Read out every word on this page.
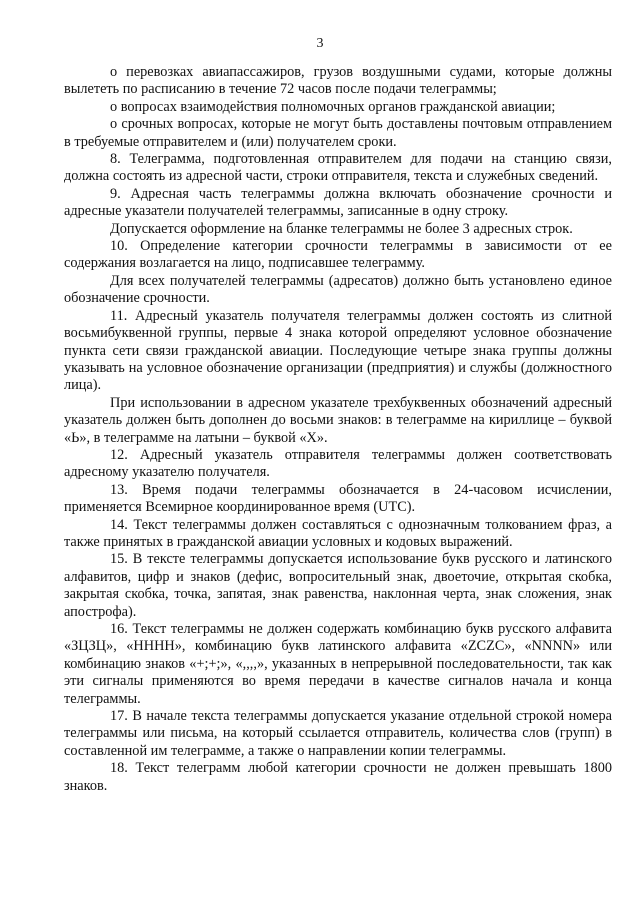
3

о перевозках авиапассажиров, грузов воздушными судами, которые должны вылететь по расписанию в течение 72 часов после подачи телеграммы;

о вопросах взаимодействия полномочных органов гражданской авиации;

о срочных вопросах, которые не могут быть доставлены почтовым отправлением в требуемые отправителем и (или) получателем сроки.

8. Телеграмма, подготовленная отправителем для подачи на станцию связи, должна состоять из адресной части, строки отправителя, текста и служебных сведений.

9. Адресная часть телеграммы должна включать обозначение срочности и адресные указатели получателей телеграммы, записанные в одну строку.

Допускается оформление на бланке телеграммы не более 3 адресных строк.

10. Определение категории срочности телеграммы в зависимости от ее содержания возлагается на лицо, подписавшее телеграмму.

Для всех получателей телеграммы (адресатов) должно быть установлено единое обозначение срочности.

11. Адресный указатель получателя телеграммы должен состоять из слитной восьмибуквенной группы, первые 4 знака которой определяют условное обозначение пункта сети связи гражданской авиации. Последующие четыре знака группы должны указывать на условное обозначение организации (предприятия) и службы (должностного лица).

При использовании в адресном указателе трехбуквенных обозначений адресный указатель должен быть дополнен до восьми знаков: в телеграмме на кириллице – буквой «Ь», в телеграмме на латыни – буквой «X».

12. Адресный указатель отправителя телеграммы должен соответствовать адресному указателю получателя.

13. Время подачи телеграммы обозначается в 24-часовом исчислении, применяется Всемирное координированное время (UTC).

14. Текст телеграммы должен составляться с однозначным толкованием фраз, а также принятых в гражданской авиации условных и кодовых выражений.

15. В тексте телеграммы допускается использование букв русского и латинского алфавитов, цифр и знаков (дефис, вопросительный знак, двоеточие, открытая скобка, закрытая скобка, точка, запятая, знак равенства, наклонная черта, знак сложения, знак апострофа).

16. Текст телеграммы не должен содержать комбинацию букв русского алфавита «ЗЦЗЦ», «НННН», комбинацию букв латинского алфавита «ZCZC», «NNNN» или комбинацию знаков «+;+;», «,,,,», указанных в непрерывной последовательности, так как эти сигналы применяются во время передачи в качестве сигналов начала и конца телеграммы.

17. В начале текста телеграммы допускается указание отдельной строкой номера телеграммы или письма, на который ссылается отправитель, количества слов (групп) в составленной им телеграмме, а также о направлении копии телеграммы.

18. Текст телеграмм любой категории срочности не должен превышать 1800 знаков.
